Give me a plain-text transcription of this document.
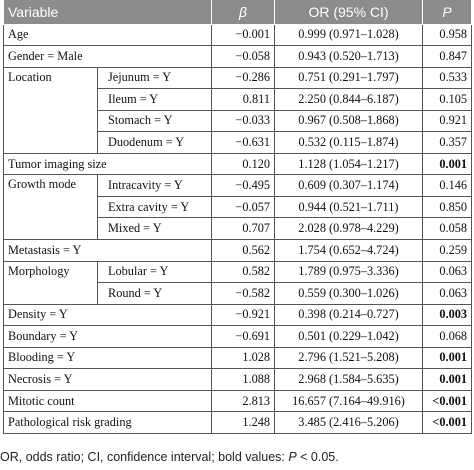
Variable		β	OR (95% CI)	P
Age		−0.001	0.999 (0.971–1.028)	0.958
Gender = Male		−0.058	0.943 (0.520–1.713)	0.847
Location	Jejunum = Y	−0.286	0.751 (0.291–1.797)	0.533
	Ileum = Y	0.811	2.250 (0.844–6.187)	0.105
	Stomach = Y	−0.033	0.967 (0.508–1.868)	0.921
	Duodenum = Y	−0.631	0.532 (0.115–1.874)	0.357
Tumor imaging size		0.120	1.128 (1.054–1.217)	0.001
Growth mode	Intracavity = Y	−0.495	0.609 (0.307–1.174)	0.146
	Extra cavity = Y	−0.057	0.944 (0.521–1.711)	0.850
	Mixed = Y	0.707	2.028 (0.978–4.229)	0.058
Metastasis = Y		0.562	1.754 (0.652–4.724)	0.259
Morphology	Lobular = Y	0.582	1.789 (0.975–3.336)	0.063
	Round = Y	−0.582	0.559 (0.300–1.026)	0.063
Density = Y		−0.921	0.398 (0.214–0.727)	0.003
Boundary = Y		−0.691	0.501 (0.229–1.042)	0.068
Blooding = Y		1.028	2.796 (1.521–5.208)	0.001
Necrosis = Y		1.088	2.968 (1.584–5.635)	0.001
Mitotic count		2.813	16.657 (7.164–49.916)	<0.001
Pathological risk grading		1.248	3.485 (2.416–5.206)	<0.001
OR, odds ratio; CI, confidence interval; bold values: P < 0.05.
